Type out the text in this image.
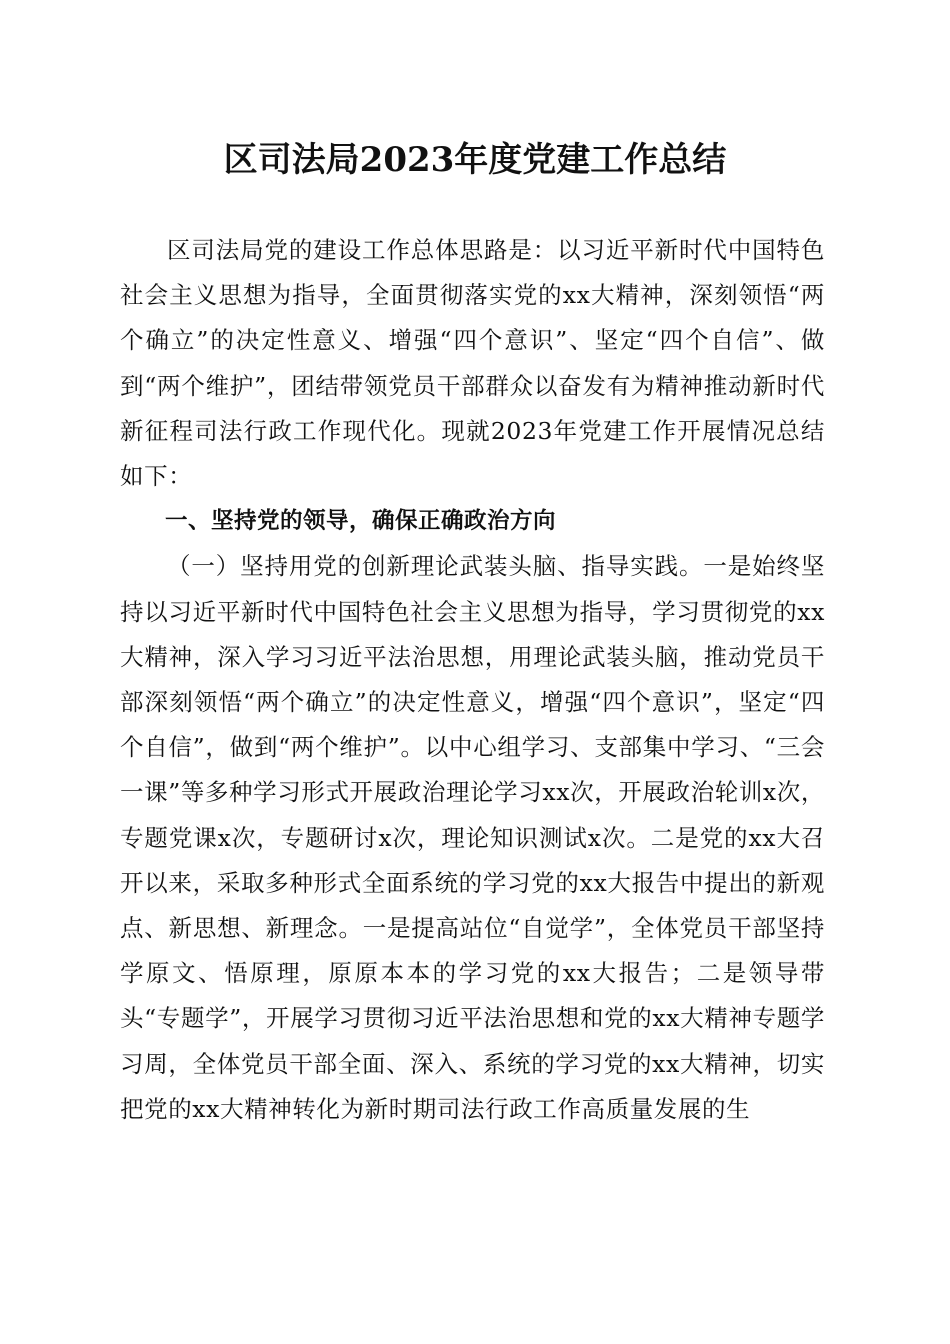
区司法局2023年度党建工作总结

区司法局党的建设工作总体思路是：以习近平新时代中国特色社会主义思想为指导，全面贯彻落实党的xx大精神，深刻领悟“两个确立”的决定性意义、增强“四个意识”、坚定“四个自信”、做到“两个维护”，团结带领党员干部群众以奋发有为精神推动新时代新征程司法行政工作现代化。现就2023年党建工作开展情况总结如下：

一、坚持党的领导，确保正确政治方向

（一）坚持用党的创新理论武装头脑、指导实践。一是始终坚持以习近平新时代中国特色社会主义思想为指导，学习贯彻党的xx大精神，深入学习习近平法治思想，用理论武装头脑，推动党员干部深刻领悟“两个确立”的决定性意义，增强“四个意识”，坚定“四个自信”，做到“两个维护”。以中心组学习、支部集中学习、“三会一课”等多种学习形式开展政治理论学习xx次，开展政治轮训x次，专题党课x次，专题研讨x次，理论知识测试x次。二是党的xx大召开以来，采取多种形式全面系统的学习党的xx大报告中提出的新观点、新思想、新理念。一是提高站位“自觉学”，全体党员干部坚持学原文、悟原理，原原本本的学习党的xx大报告；二是领导带头“专题学”，开展学习贯彻习近平法治思想和党的xx大精神专题学习周，全体党员干部全面、深入、系统的学习党的xx大精神，切实把党的xx大精神转化为新时期司法行政工作高质量发展的生
